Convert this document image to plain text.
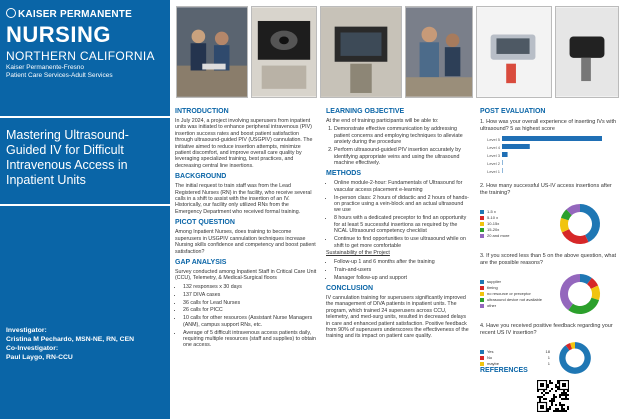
KAISER PERMANENTE
NURSING
NORTHERN CALIFORNIA
Kaiser Permanente-Fresno
Patient Care Services-Adult Services
Mastering Ultrasound-Guided IV for Difficult Intravenous Access in Inpatient Units
Investigator:
Cristina M Pechardo, MSN-NE, RN, CEN
Co-Investigator:
Paul Laygo, RN-CCU
INTRODUCTION

In July 2024, a project involving superusers from inpatient units was initiated to enhance peripheral intravenous (PIV) insertion success rates and boost patient satisfaction through ultrasound-guided PIV (USGPIV) cannulation. The initiative aimed to reduce insertion attempts, minimize patient discomfort, and improve overall care quality by leveraging specialized training, best practices, and decreasing central line insertions.

BACKGROUND

The initial request to train staff was from the Lead Registered Nurses (RN) in the facility, who receive several calls in a shift to assist with the insertion of an IV. Historically, our facility only utilized RNs from the Emergency Department who received formal training.

PICOT QUESTION

Among Inpatient Nurses, does training to become superusers in USGPIV cannulation techniques increase Nursing skills confidence and competency and boost patient satisfaction?

GAP ANALYSIS

Survey conducted among Inpatient Staff in Critical Care Unit (CCU), Telemetry, & Medical-Surgical floors

• 132 responses x 30 days
• 137 DIVA cases
• 36 calls for Lead Nurses
• 26 calls for PICC
• 10 calls for other resources (Assistant Nurse Managers (ANM), campus support RNs, etc.
• Average of 5 difficult intravenous access patients daily, requiring multiple resources (staff and supplies) to obtain one access.
LEARNING OBJECTIVE

At the end of training participants will be able to:

1. Demonstrate effective communication by addressing patient concerns and employing techniques to alleviate anxiety during the procedure
2. Perform ultrasound-guided PIV insertion accurately by identifying appropriate veins and using the ultrasound machine effectively.
METHODS
• Online module-2-hour: Fundamentals of Ultrasound for vascular access placement e-learning
• In-person class: 2 hours of didactic and 2 hours of hands-on practice using a vein-block and an actual ultrasound we use
• 8 hours with a dedicated preceptor to find an opportunity for at least 5 successful insertions as required by the NCAL Ultrasound competency checklist
• Continue to find opportunities to use ultrasound while on shift to get more comfortable

Sustainability of the Project

• Follow-up 1 and 6 months after the training
• Train-and-users
• Manager follow-up and support
CONCLUSION

IV cannulation training for superusers significantly improved the management of DIVA patients in inpatient units. The program, which trained 24 superusers across CCU, telemetry, and med-surg units, resulted in decreased delays in care and enhanced patient satisfaction. Positive feedback from 90% of superusers underscores the effectiveness of the training and its impact on patient care quality.

POST EVALUATION
1. How was your overall experience of inserting IVs with ultrasound? 5 as highest score
Level 5
Level 4
Level 3
Level 2
Level 1
2. How many successful US-IV access insertions after the training?
1-5 x
5-10 x
10-15x
15-20x
20 and more
3. If you scored less than 5 on the above question, what are the possible reasons?
supplier
timing
no resource or preceptor
ultrasound device not available
other
4. Have you received positive feedback regarding your recent US IV insertion?
Yes	18
No	1
maybe	1
REFERENCES
